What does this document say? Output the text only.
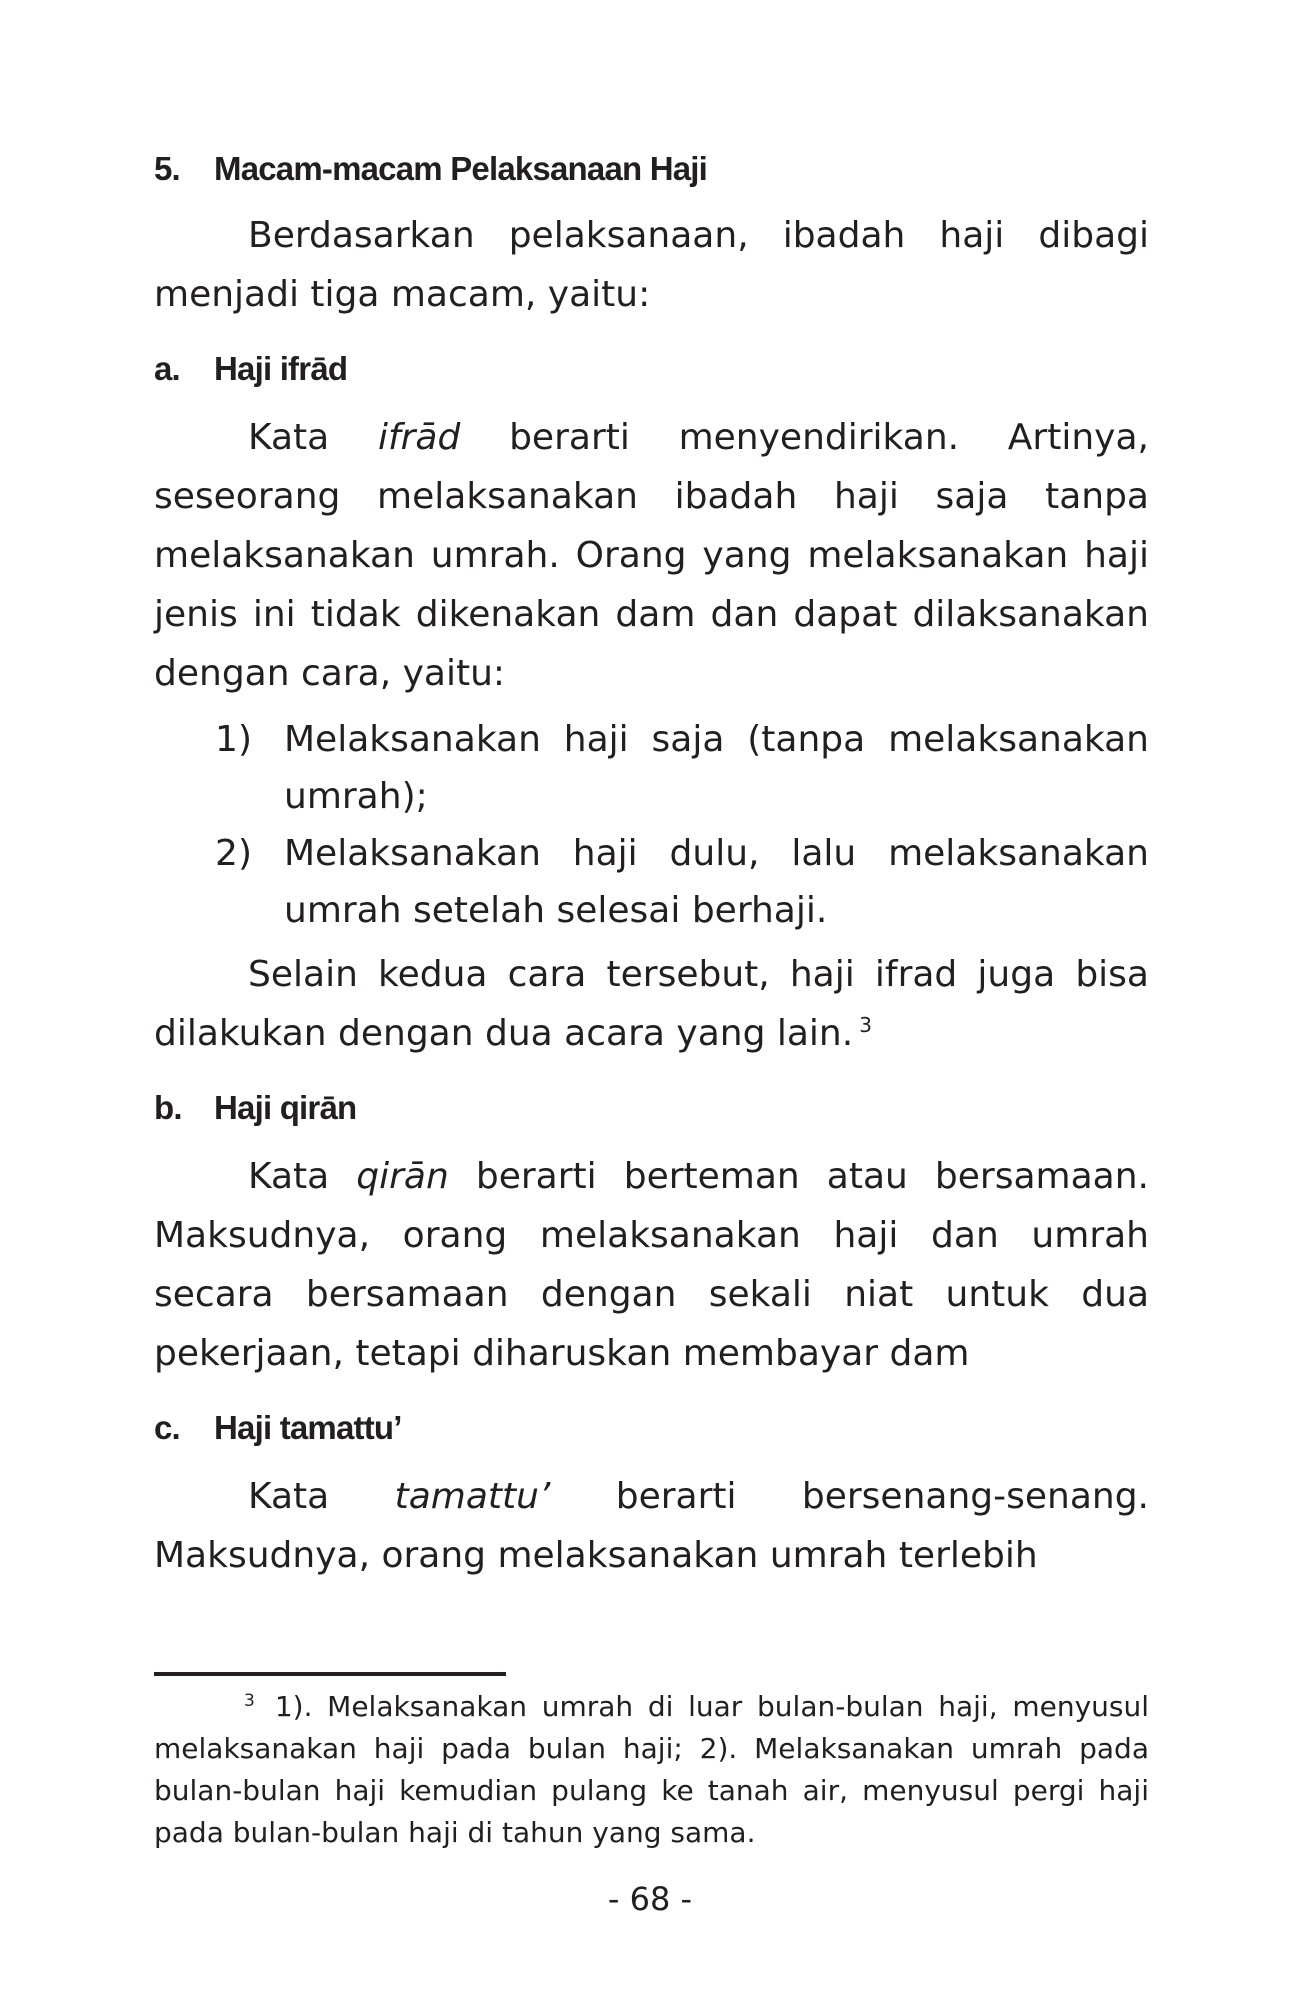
5.	Macam-macam Pelaksanaan Haji

Berdasarkan pelaksanaan, ibadah haji dibagi menjadi tiga macam, yaitu:

a.	Haji ifrād

Kata ifrād berarti menyendirikan. Artinya, seseorang melaksanakan ibadah haji saja tanpa melaksanakan umrah. Orang yang melaksanakan haji jenis ini tidak dikenakan dam dan dapat dilaksanakan dengan cara, yaitu:

1) Melaksanakan haji saja (tanpa melaksanakan umrah);
2) Melaksanakan haji dulu, lalu melaksanakan umrah setelah selesai berhaji.

Selain kedua cara tersebut, haji ifrad juga bisa dilakukan dengan dua acara yang lain. $^3$

b. Haji qirān

Kata qirān berarti berteman atau bersamaan. Maksudnya, orang melaksanakan haji dan umrah secara bersamaan dengan sekali niat untuk dua pekerjaan, tetapi diharuskan membayar dam

c.	Haji tamattu’

Kata tamattu’ berarti bersenang-senang. Maksudnya, orang melaksanakan umrah terlebih

$^3$ 1). Melaksanakan umrah di luar bulan-bulan haji, menyusul melaksanakan haji pada bulan haji; 2). Melaksanakan umrah pada bulan-bulan haji kemudian pulang ke tanah air, menyusul pergi haji pada bulan-bulan haji di tahun yang sama.

- 68 -
